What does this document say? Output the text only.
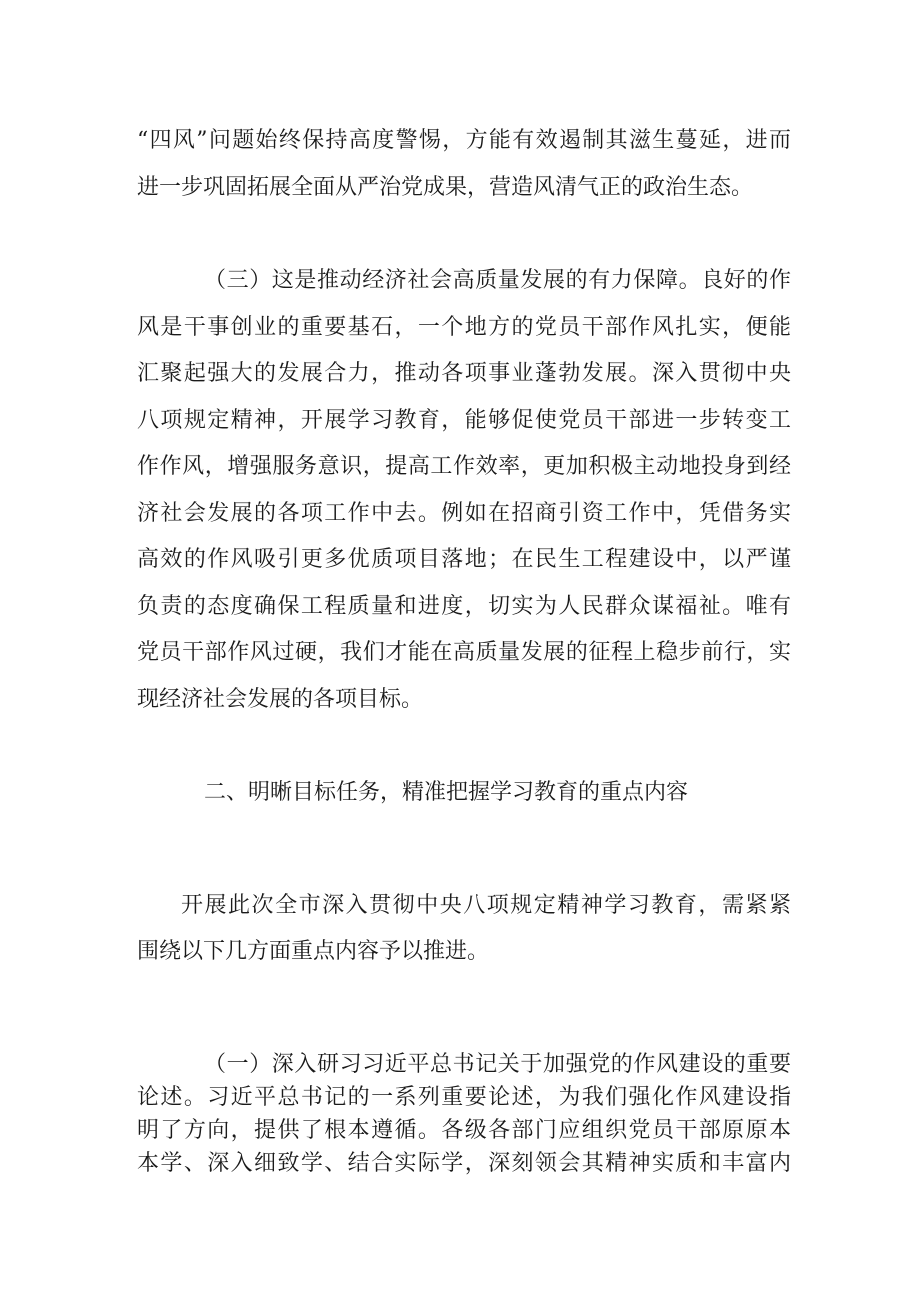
“四风”问题始终保持高度警惕，方能有效遏制其滋生蔓延，进而
进一步巩固拓展全面从严治党成果，营造风清气正的政治生态。
（三）这是推动经济社会高质量发展的有力保障。良好的作
风是干事创业的重要基石，一个地方的党员干部作风扎实，便能
汇聚起强大的发展合力，推动各项事业蓬勃发展。深入贯彻中央
八项规定精神，开展学习教育，能够促使党员干部进一步转变工
作作风，增强服务意识，提高工作效率，更加积极主动地投身到经
济社会发展的各项工作中去。例如在招商引资工作中，凭借务实
高效的作风吸引更多优质项目落地；在民生工程建设中，以严谨
负责的态度确保工程质量和进度，切实为人民群众谋福祉。唯有
党员干部作风过硬，我们才能在高质量发展的征程上稳步前行，实
现经济社会发展的各项目标。
二、明晰目标任务，精准把握学习教育的重点内容
开展此次全市深入贯彻中央八项规定精神学习教育，需紧紧
围绕以下几方面重点内容予以推进。
（一）深入研习习近平总书记关于加强党的作风建设的重要
论述。习近平总书记的一系列重要论述，为我们强化作风建设指
明了方向，提供了根本遵循。各级各部门应组织党员干部原原本
本学、深入细致学、结合实际学，深刻领会其精神实质和丰富内
